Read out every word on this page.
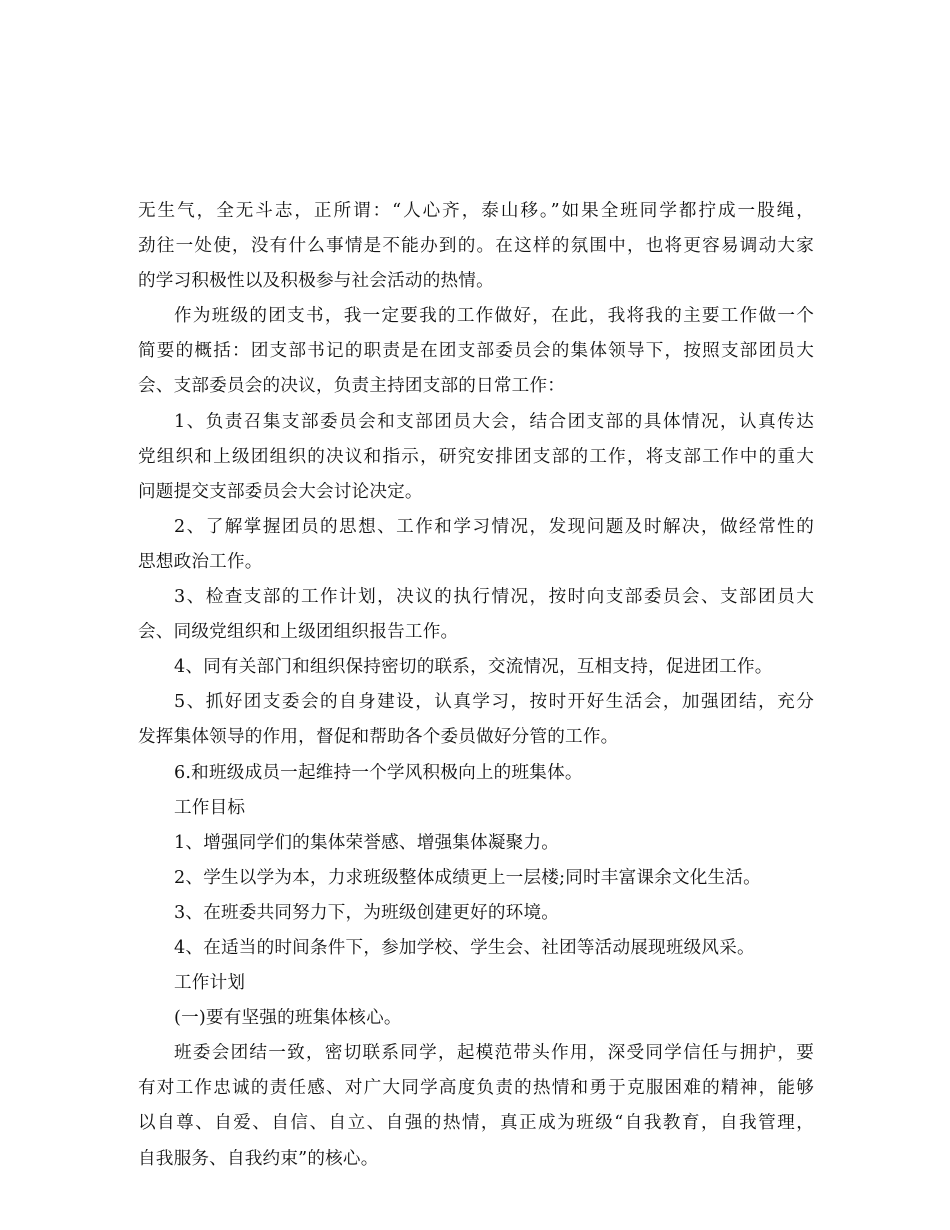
无生气，全无斗志，正所谓：“人心齐，泰山移。”如果全班同学都拧成一股绳，
劲往一处使，没有什么事情是不能办到的。在这样的氛围中，也将更容易调动大家
的学习积极性以及积极参与社会活动的热情。
作为班级的团支书，我一定要我的工作做好，在此，我将我的主要工作做一个
简要的概括：团支部书记的职责是在团支部委员会的集体领导下，按照支部团员大
会、支部委员会的决议，负责主持团支部的日常工作：
1、负责召集支部委员会和支部团员大会，结合团支部的具体情况，认真传达
党组织和上级团组织的决议和指示，研究安排团支部的工作，将支部工作中的重大
问题提交支部委员会大会讨论决定。
2、了解掌握团员的思想、工作和学习情况，发现问题及时解决，做经常性的
思想政治工作。
3、检查支部的工作计划，决议的执行情况，按时向支部委员会、支部团员大
会、同级党组织和上级团组织报告工作。
4、同有关部门和组织保持密切的联系，交流情况，互相支持，促进团工作。
5、抓好团支委会的自身建设，认真学习，按时开好生活会，加强团结，充分
发挥集体领导的作用，督促和帮助各个委员做好分管的工作。
6.和班级成员一起维持一个学风积极向上的班集体。
工作目标
1、增强同学们的集体荣誉感、增强集体凝聚力。
2、学生以学为本，力求班级整体成绩更上一层楼;同时丰富课余文化生活。
3、在班委共同努力下，为班级创建更好的环境。
4、在适当的时间条件下，参加学校、学生会、社团等活动展现班级风采。
工作计划
(一)要有坚强的班集体核心。
班委会团结一致，密切联系同学，起模范带头作用，深受同学信任与拥护，要
有对工作忠诚的责任感、对广大同学高度负责的热情和勇于克服困难的精神，能够
以自尊、自爱、自信、自立、自强的热情，真正成为班级“自我教育，自我管理，
自我服务、自我约束”的核心。
